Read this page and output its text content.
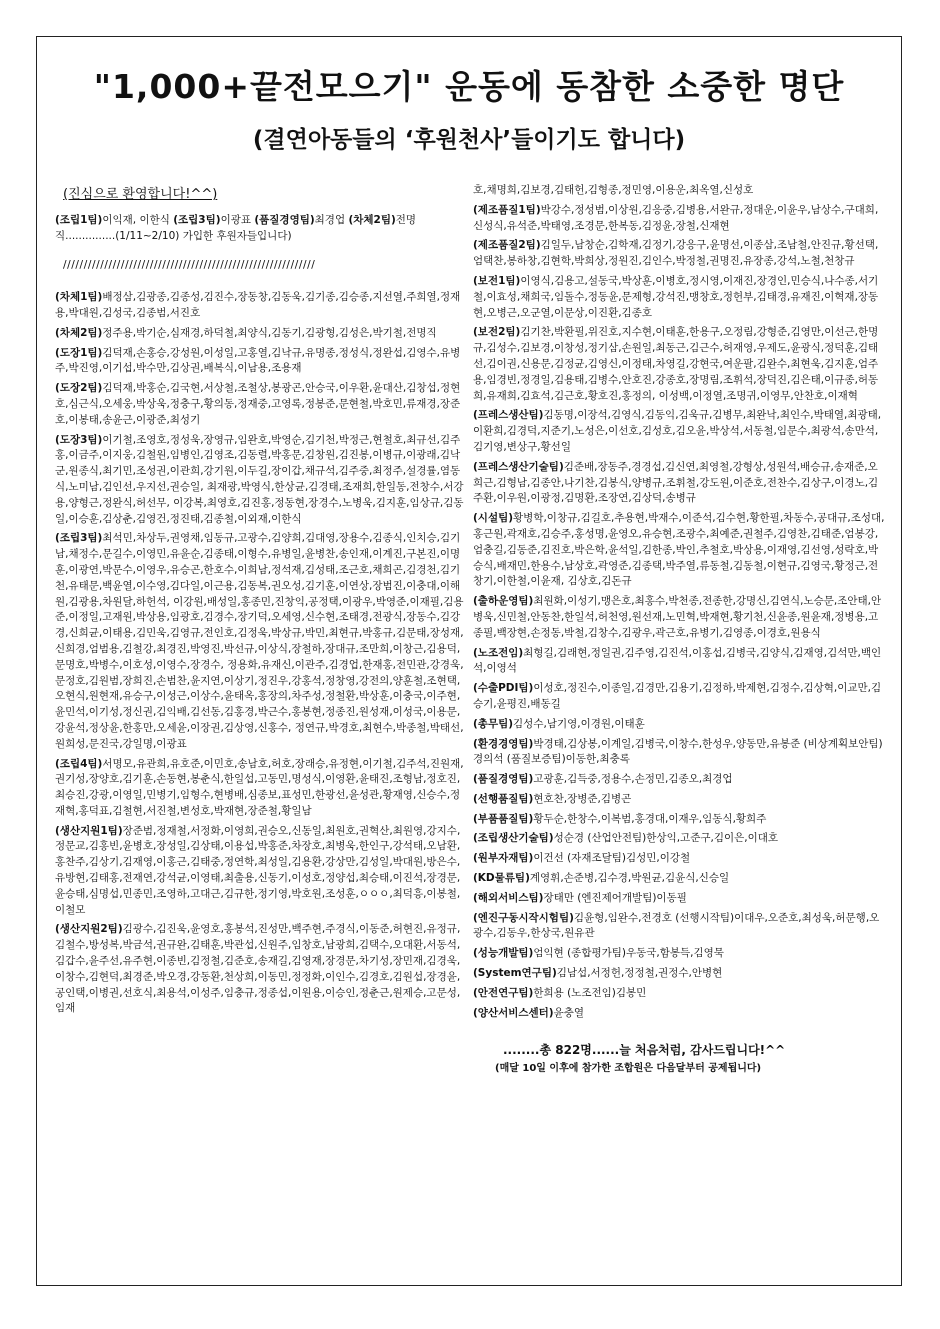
"1,000+끝전모으기" 운동에 동참한 소중한 명단
(결연아동들의 ‘후원천사’들이기도 합니다)
(진심으로 환영합니다!^^)
(조립1팀)이익재, 이한식 (조립3팀)이광표 (품질경영팀)최경업 (차체2팀)전명직...............(1/11~2/10) 가입한 후원자들입니다)
/////////////////////////////////////////////////////////////
(차체1팀)배정삼,김광종,김종성,김진수,장동창,김동욱,김기종,김승종,지선열,주희열,정재용,박대원,김성국,김종범,서진호
(차체2팀)정주용,박기순,심재경,하덕철,최양식,김동기,김광형,김성은,박기철,전명직
(도장1팀)김덕재,손홍승,강성원,이성일,고홍열,김낙규,유명종,정성식,정완섭,김영수,유병주,박진영,이기섭,박수만,김상권,배복식,이남용,조용재
(도장2팀)김덕재,박홍순,김국현,서상철,조철상,봉광곤,안승국,이우환,윤대산,김창섭,정현호,심근식,오세웅,박상욱,정충구,황의동,정재중,고영록,정봉준,문현철,박호민,류재경,장준호,이봉태,송윤근,이광준,최성기
(도장3팀)이기철,조영호,정성욱,장영규,임완호,박영순,김기천,박정근,현철호,최규선,김주홍,이금주,이지웅,김철원,임병인,김영조,김동렬,박홍문,김창원,김진봉,이병규,이광래,김낙군,원종식,최기민,조성권,이관희,강기원,이두길,장이갑,채규석,김주중,최정주,설경률,염동식,노미남,김인선,우지선,권승일, 최재광,박영식,한상균,김경태,조재희,한일동,전창수,서강용,양형근,정완식,허선무, 이강복,최영호,김진홍,정동현,장경수,노병욱,김지훈,임상규,김동일,이승훈,김상춘,김영건,정진태,김종철,이외재,이한식
(조립3팀)최석민,차상두,권영채,임동규,고광수,김양희,김대영,장용수,김종식,인치승,김기남,채정수,문길수,이영민,유윤순,김종태,이형수,유병일,윤병찬,송인재,이계진,구본진,이명훈,이광연,박문수,이영우,유승곤,한호수,이희남,정석재,김성태,조근호,채희곤,김경천,김기천,유태문,백윤열,이수영,김다일,이근용,김동복,권오성,김기훈,이연상,장범진,이충대,이해원,김광용,차원달,하헌석, 이강원,배성일,홍종민,진창익,공정택,이광우,박영준,이재필,김용준,이정일,고재원,박상용,임광호,김경수,장기덕,오세영,신수현,조태경,전광식,장동수,김강경,신희균,이태용,김민욱,김영규,전인호,김정욱,박상규,박민,최현규,박홍규,김문태,장성재,신희경,엄범용,김철강,최경진,박영진,박선규,이상식,장철하,장대규,조만희,이창근,김용덕,문명호,박병수,이호성,이영수,장경수, 정용화,유재신,이관주,김경업,한재홍,전민관,강경욱,문정호,김원범,장희진,손범찬,윤지연,이상기,정진우,강홍석,정창영,강전의,양훈철,조현택,오현식,원현재,유승구,이성근,이상수,윤태옥,홍장의,차주성,정철환,박상훈,이충국,이주현,윤민석,이기성,정신권,김익배,김선동,김홍경,박근수,홍봉현,정종진,원성재,이성국,이용문,강윤석,정상윤,한홍만,오세윤,이장권,김상영,신홍수, 정연규,박경호,최현수,박종철,박태선,원희성,문진국,강일명,이광표
(조립4팀)서명모,유관희,유호준,이민호,송남호,허호,장래승,유정현,이기철,김주석,진원재,권기성,장양호,김기훈,손동현,봉춘식,한일섭,고동민,명성식,이영환,윤태진,조형남,정호진,최승진,강광,이영일,민병기,임형수,현병배,심종보,표성민,한광선,윤성관,황재영,신승수,정재혁,홍덕표,김철현,서진철,변성호,박재현,장준철,황일남
(생산지원1팀)장준범,정재철,서정화,이영희,권승오,신동일,최원호,권혁산,최원영,강지수,정문교,김홍빈,윤병호,장성일,김상태,이용섭,박홍준,차장호,최병욱,한인구,강석태,오남환,홍찬주,김상기,김재영,이홍근,김태중,정연학,최성일,김용환,강상만,김성일,박대원,방은수,유방현,김태홍,전재연,강석균,이영태,최출용,신동기,이성호,정양섭,최승태,이진석,장경문,윤승태,심명섭,민종민,조영하,고대근,김규한,정기영,박호원,조성훈,ㅇㅇㅇ,최덕흥,이봉철,이철모
(생산지원2팀)김광수,김진욱,윤영호,홍봉석,진성만,백주현,주경식,이동준,허현진,유정규,김철수,방성복,박금석,권규완,김태훈,박관섭,신원주,임창호,남광희,김택수,오대환,서동석,김갑수,윤주선,유주현,이종빈,김정철,김준호,송재길,김영재,장경문,차기성,장민재,김경욱,이창수,김현덕,최경준,박오경,강동환,천상희,이동민,정정화,이인수,김경호,김원섭,장경윤,공인택,이병권,선호식,최용석,이성주,임충규,정종섭,이원용,이승인,정춘근,원제승,고문성,임재
호,채명희,김보경,김태헌,김형종,정민영,이용운,최옥열,신성호
(제조품질1팀)박강수,정성범,이상원,김응중,김병용,서완규,정대운,이윤우,남상수,구대희,신성식,유석준,박태영,조경문,한복동,김정윤,장철,신재현
(제조품질2팀)김일두,남창순,김학재,김정기,강응구,윤명선,이종삼,조남철,안진규,황선택,엄택찬,봉하창,김현학,박희상,정원진,김인수,박정철,권명진,유장종,강석,노철,천창규
(보전1팀)이영식,김용고,설동국,박상훈,이병호,정시영,이재진,장경인,민승식,나수종,서기철,이효성,채희국,임돌수,정동윤,문제형,강석진,맹창호,정헌부,김태경,유재진,이혁재,장동현,오병근,오군열,이문상,이진환,김종호
(보전2팀)김기찬,박환필,위진호,지수현,이태훈,한용구,오정림,강형준,김영만,이선근,한명규,김성수,김보경,이창성,정기삼,손원일,최동근,김근수,허재영,우제도,윤광식,정덕훈,김태선,김이권,신용문,김정균,김영신,이정태,차영길,강현국,여운팔,김완수,최현욱,김지훈,엄주용,임경빈,정경일,김용태,김병수,안호진,강종호,장명림,조휘석,장덕진,김은태,이규종,허동희,유재희,김효석,김근호,황호진,홍정의, 이성백,이정열,조명귀,이영무,안찬호,이재혁
(프레스생산팀)김동명,이장석,김영식,김동익,김욱규,김병무,최완낙,최인수,박태열,최광태,이환희,김경덕,지준기,노성은,이선호,김성호,김오윤,박상석,서동철,임문수,최광석,송만석,김기영,변상구,황선일
(프레스생산기술팀)김준배,장동주,경경섭,김신연,최영철,강형상,성원석,배승규,송재준,오희근,김형남,김종안,나기찬,김봉식,양병규,조휘철,강도원,이준호,전찬수,김상구,이경노,김주환,이우원,이광정,김명환,조장연,김상덕,송병규
(시설팀)황병학,이창규,김길호,추용현,박재수,이준석,김수현,황한필,차동수,공대규,조성대,홍근원,곽재호,김승주,홍성명,윤영오,유승현,조광수,최예준,권철주,김영찬,김태준,엄봉강,엄충길,김동준,김진호,박은학,윤석일,김한종,박인,추철호,박상용,이재영,김선영,성락호,박승식,배재민,한용수,남상호,곽영준,김종택,박주열,류동철,김동철,이현규,김영국,황정근,전창기,이한철,이윤재, 김상호,김돈규
(출하운영팀)최원화,이성기,맹은호,최홍수,박천종,전종한,강명신,김연식,노승문,조안태,안병욱,신민철,안동찬,한일석,허천영,원선재,노민혁,박재현,황기천,신윤종,원윤재,정병용,고종필,백장현,손정동,박철,김창수,김광우,곽근호,유병기,김영종,이경호,원용식
(노조전임)최형길,김래현,정일권,김주영,김진석,이홍섭,김병국,김양식,김재영,김석만,백인석,이영석
(수출PDI팀)이성호,정진수,이종일,김경만,김용기,김정하,박제현,김정수,김상혁,이교만,김승기,윤평진,배동길
(총무팀)김성수,남기영,이경원,이태훈
(환경경영팀)박경태,김상봉,이계일,김병국,이창수,한성우,양동만,유봉준 (비상계획보안팀)경의석 (품질보증팀)이동한,최충록
(품질경영팀)고광훈,김득중,정용수,손정민,김종오,최경업
(선행품질팀)현호찬,장병준,김병곤
(부품품질팀)황두순,한창수,이복범,홍경대,이재우,임동식,황희주
(조립생산기술팀)성순경 (산업안전팀)한상익,고준구,김이은,이대호
(원부자재팀)이건선 (자재조달팀)김성민,이강철
(KD물류팀)계영휘,손준병,김수경,박원균,김윤식,신승일
(해외서비스팀)장태만 (엔진제어개발팀)이동필
(엔진구동시작시험팀)김윤형,임완수,전경호 (선행시작팀)이대우,오준호,최성욱,허문행,오광수,김동우,한상국,원유관
(성능개발팀)엄익현 (종합평가팀)우동국,함봉득,김영묵
(System연구팀)김남섭,서정헌,정정철,권정수,안병현
(안전연구팀)한희용 (노조전임)김봉민
(양산서비스센터)윤충열
........총 822명......늘 처음처럼, 감사드립니다!^^
(매달 10일 이후에 참가한 조합원은 다음달부터 공제됩니다)
